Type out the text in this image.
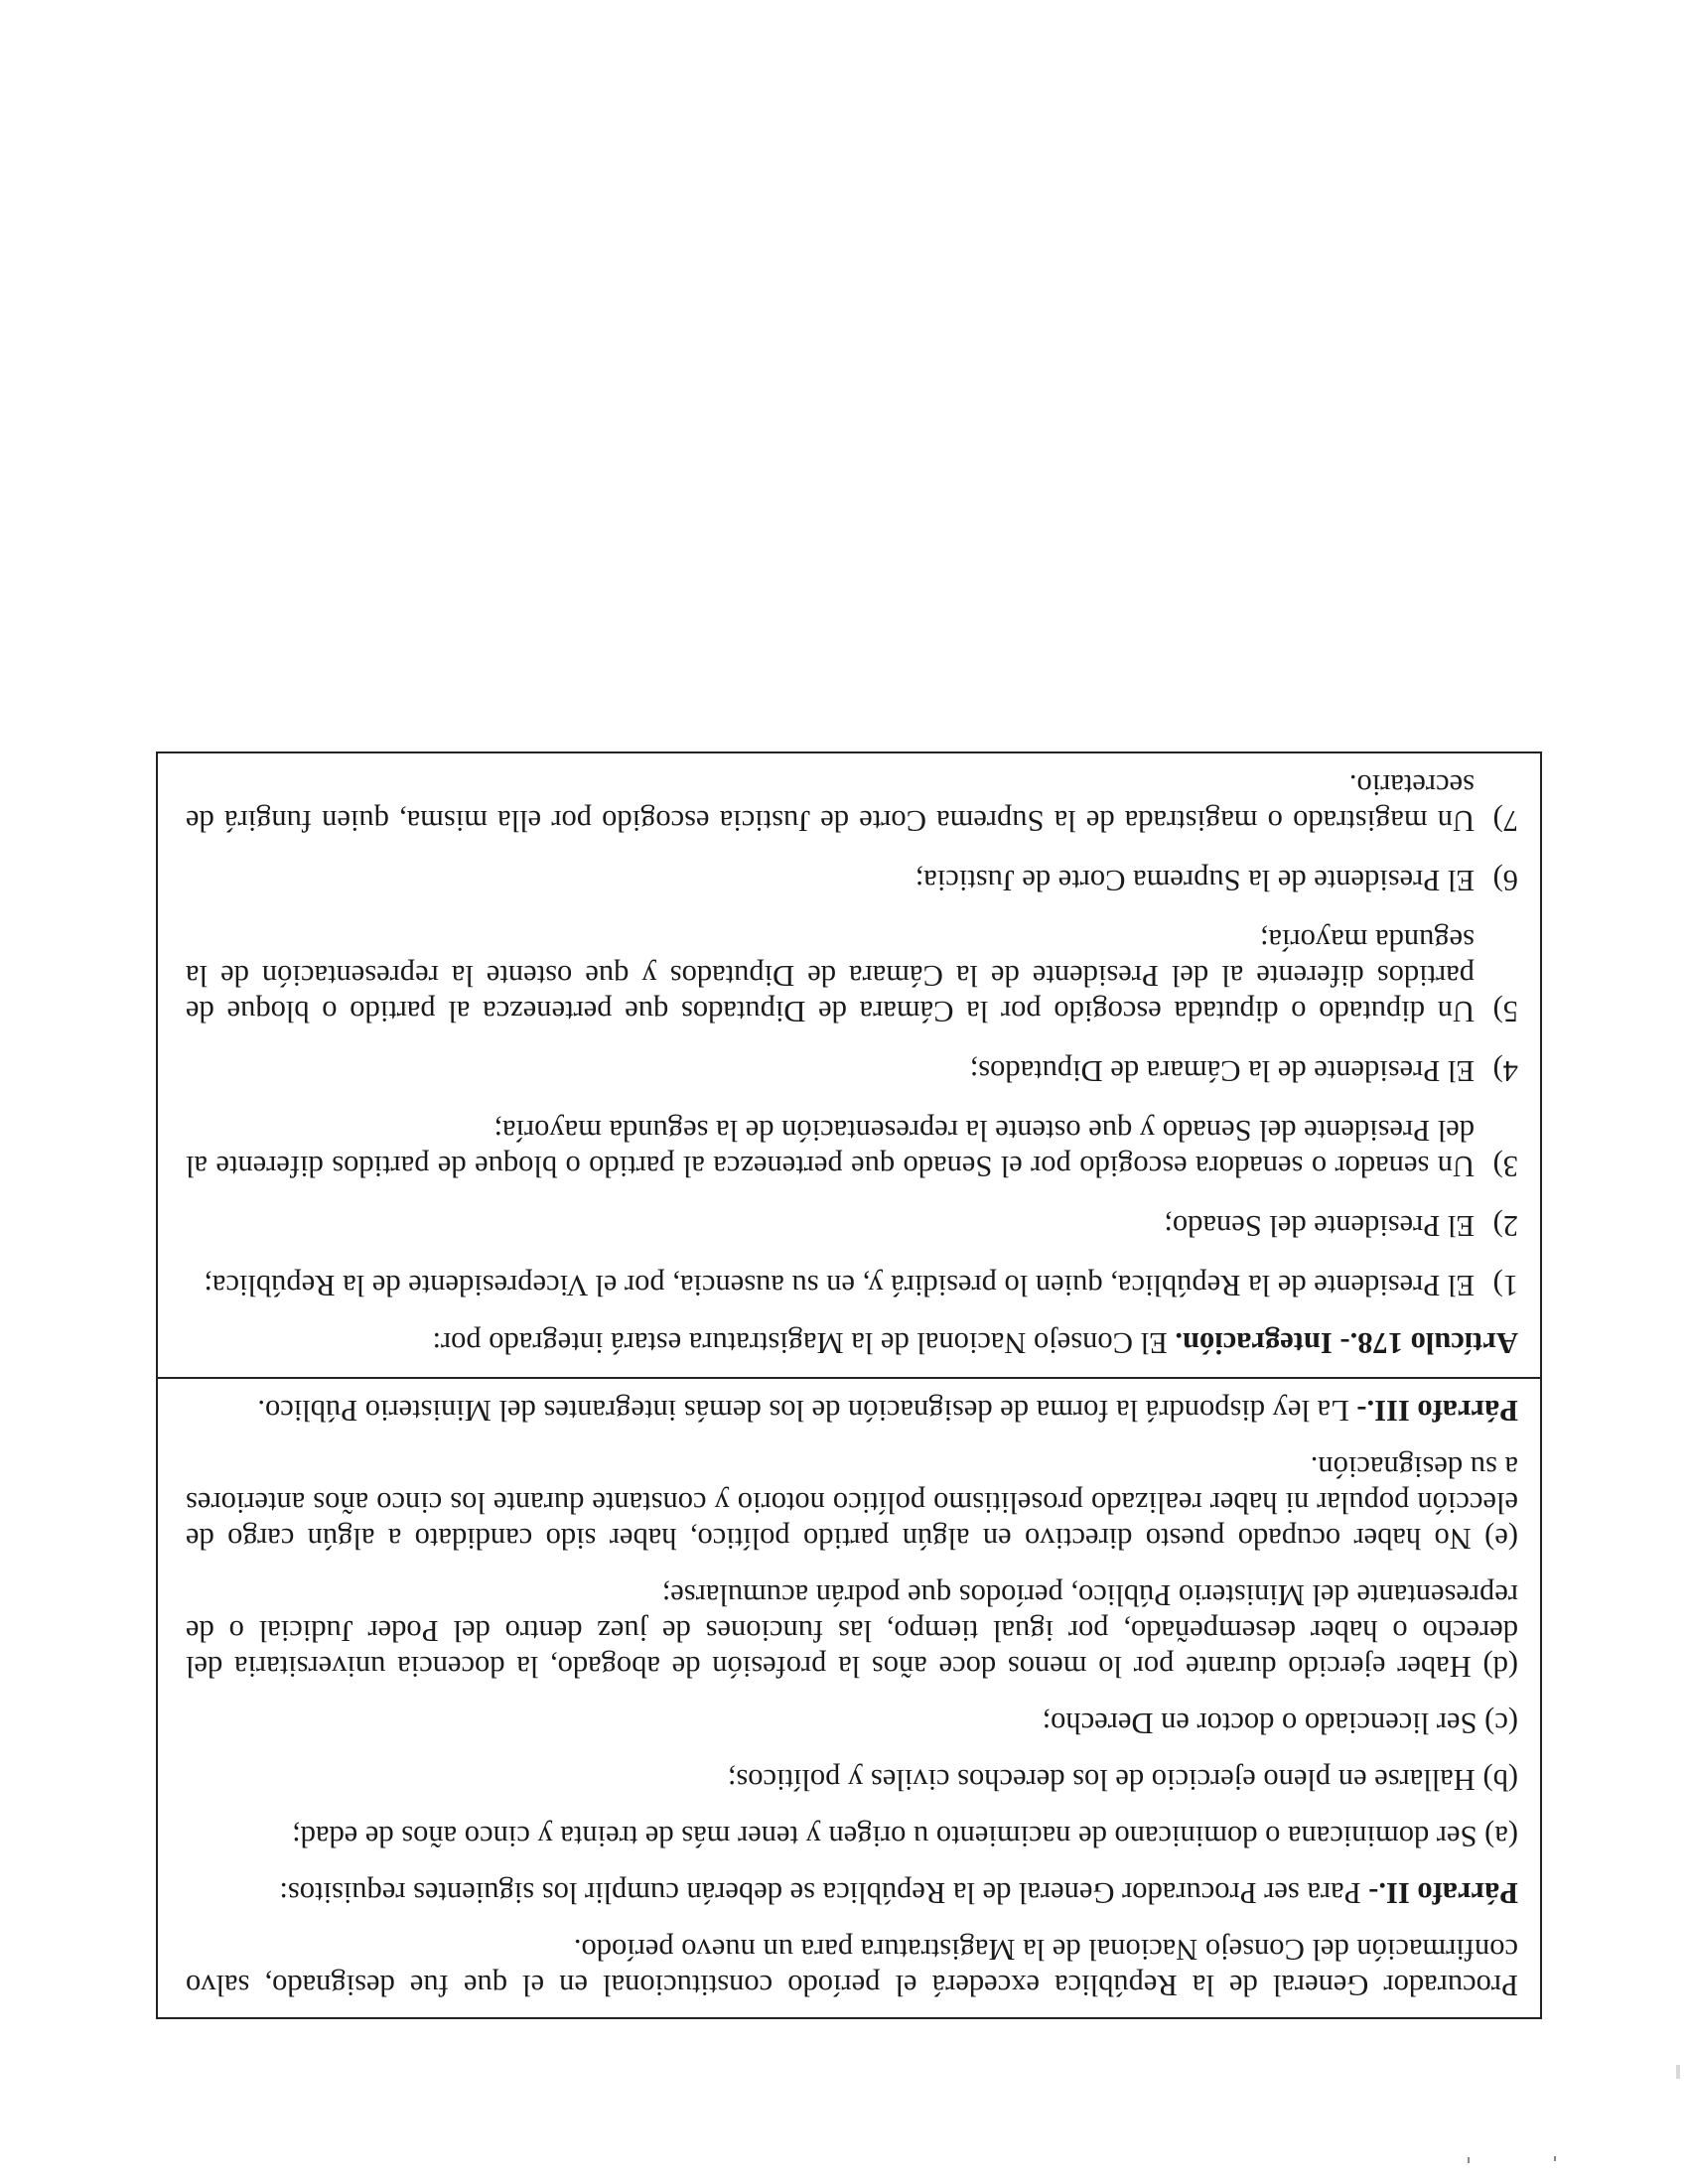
Procurador General de la República excederá el período constitucional en el que fue designado, salvo confirmación del Consejo Nacional de la Magistratura para un nuevo período.

Párrafo II.- Para ser Procurador General de la República se deberán cumplir los siguientes requisitos:

(a) Ser dominicana o dominicano de nacimiento u origen y tener más de treinta y cinco años de edad;

(b) Hallarse en pleno ejercicio de los derechos civiles y políticos;

(c) Ser licenciado o doctor en Derecho;

(d) Haber ejercido durante por lo menos doce años la profesión de abogado, la docencia universitaria del derecho o haber desempeñado, por igual tiempo, las funciones de juez dentro del Poder Judicial o de representante del Ministerio Público, períodos que podrán acumularse;

(e) No haber ocupado puesto directivo en algún partido político, haber sido candidato a algún cargo de elección popular ni haber realizado proselitismo político notorio y constante durante los cinco años anteriores a su designación.

Párrafo III.- La ley dispondrá la forma de designación de los demás integrantes del Ministerio Público.

Artículo 178.- Integración. El Consejo Nacional de la Magistratura estará integrado por:

1)
El Presidente de la República, quien lo presidirá y, en su ausencia, por el Vicepresidente de la República;
2)
El Presidente del Senado;
3)
Un senador o senadora escogido por el Senado que pertenezca al partido o bloque de partidos diferente al del Presidente del Senado y que ostente la representación de la segunda mayoría;
4)
El Presidente de la Cámara de Diputados;
5)
Un diputado o diputada escogido por la Cámara de Diputados que pertenezca al partido o bloque de partidos diferente al del Presidente de la Cámara de Diputados y que ostente la representación de la segunda mayoría;
6)
El Presidente de la Suprema Corte de Justicia;
7)
Un magistrado o magistrada de la Suprema Corte de Justicia escogido por ella misma, quien fungirá de secretario.
